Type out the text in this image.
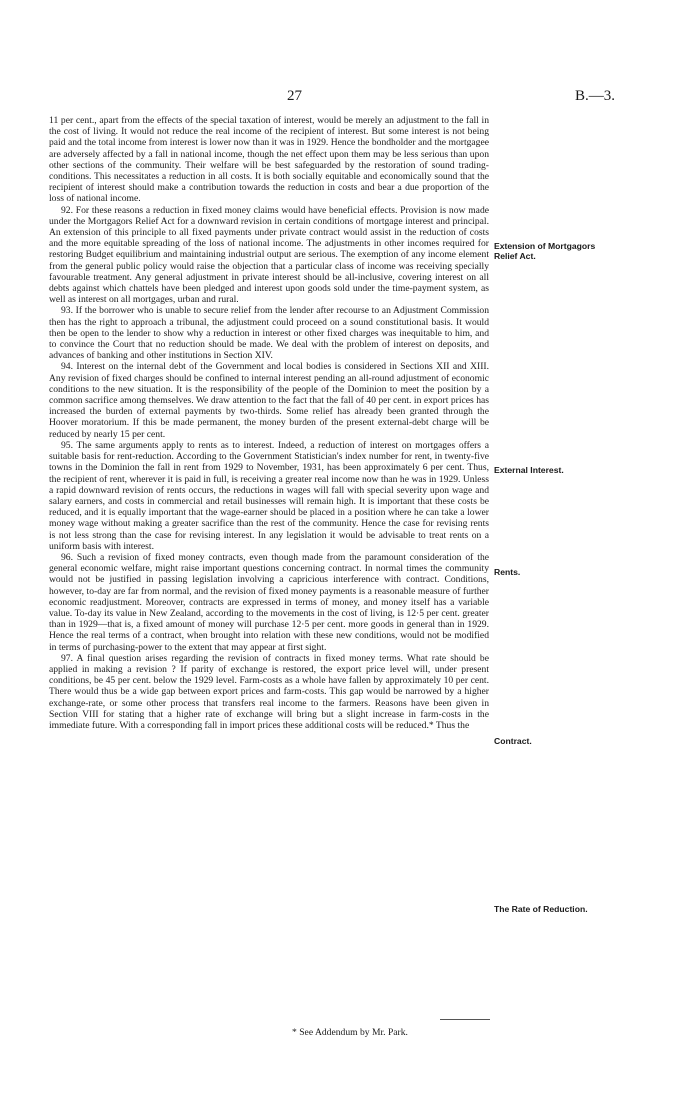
27	B.—3.

11 per cent., apart from the effects of the special taxation of interest, would be merely an adjustment to the fall in the cost of living. It would not reduce the real income of the recipient of interest. But some interest is not being paid and the total income from interest is lower now than it was in 1929. Hence the bondholder and the mortgagee are adversely affected by a fall in national income, though the net effect upon them may be less serious than upon other sections of the community. Their welfare will be best safeguarded by the restoration of sound trading-conditions. This necessitates a reduction in all costs. It is both socially equitable and economically sound that the recipient of interest should make a contribution towards the reduction in costs and bear a due proportion of the loss of national income.

92. For these reasons a reduction in fixed money claims would have beneficial effects. Provision is now made under the Mortgagors Relief Act for a downward revision in certain conditions of mortgage interest and principal. An extension of this principle to all fixed payments under private contract would assist in the reduction of costs and the more equitable spreading of the loss of national income. The adjustments in other incomes required for restoring Budget equilibrium and maintaining industrial output are serious. The exemption of any income element from the general public policy would raise the objection that a particular class of income was receiving specially favourable treatment. Any general adjustment in private interest should be all-inclusive, covering interest on all debts against which chattels have been pledged and interest upon goods sold under the time-payment system, as well as interest on all mortgages, urban and rural.

93. If the borrower who is unable to secure relief from the lender after recourse to an Adjustment Commission then has the right to approach a tribunal, the adjustment could proceed on a sound constitutional basis. It would then be open to the lender to show why a reduction in interest or other fixed charges was inequitable to him, and to convince the Court that no reduction should be made. We deal with the problem of interest on deposits, and advances of banking and other institutions in Section XIV.

94. Interest on the internal debt of the Government and local bodies is considered in Sections XII and XIII. Any revision of fixed charges should be confined to internal interest pending an all-round adjustment of economic conditions to the new situation. It is the responsibility of the people of the Dominion to meet the position by a common sacrifice among themselves. We draw attention to the fact that the fall of 40 per cent. in export prices has increased the burden of external payments by two-thirds. Some relief has already been granted through the Hoover moratorium. If this be made permanent, the money burden of the present external-debt charge will be reduced by nearly 15 per cent.

95. The same arguments apply to rents as to interest. Indeed, a reduction of interest on mortgages offers a suitable basis for rent-reduction. According to the Government Statistician's index number for rent, in twenty-five towns in the Dominion the fall in rent from 1929 to November, 1931, has been approximately 6 per cent. Thus, the recipient of rent, wherever it is paid in full, is receiving a greater real income now than he was in 1929. Unless a rapid downward revision of rents occurs, the reductions in wages will fall with special severity upon wage and salary earners, and costs in commercial and retail businesses will remain high. It is important that these costs be reduced, and it is equally important that the wage-earner should be placed in a position where he can take a lower money wage without making a greater sacrifice than the rest of the community. Hence the case for revising rents is not less strong than the case for revising interest. In any legislation it would be advisable to treat rents on a uniform basis with interest.

96. Such a revision of fixed money contracts, even though made from the paramount consideration of the general economic welfare, might raise important questions concerning contract. In normal times the community would not be justified in passing legislation involving a capricious interference with contract. Conditions, however, to-day are far from normal, and the revision of fixed money payments is a reasonable measure of further economic readjustment. Moreover, contracts are expressed in terms of money, and money itself has a variable value. To-day its value in New Zealand, according to the movements in the cost of living, is 12·5 per cent. greater than in 1929—that is, a fixed amount of money will purchase 12·5 per cent. more goods in general than in 1929. Hence the real terms of a contract, when brought into relation with these new conditions, would not be modified in terms of purchasing-power to the extent that may appear at first sight.

97. A final question arises regarding the revision of contracts in fixed money terms. What rate should be applied in making a revision ? If parity of exchange is restored, the export price level will, under present conditions, be 45 per cent. below the 1929 level. Farm-costs as a whole have fallen by approximately 10 per cent. There would thus be a wide gap between export prices and farm-costs. This gap would be narrowed by a higher exchange-rate, or some other process that transfers real income to the farmers. Reasons have been given in Section VIII for stating that a higher rate of exchange will bring but a slight increase in farm-costs in the immediate future. With a corresponding fall in import prices these additional costs will be reduced.* Thus the

Extension of Mortgagors Relief Act.
External Interest.
Rents.
Contract.
The Rate of Reduction.
* See Addendum by Mr. Park.
